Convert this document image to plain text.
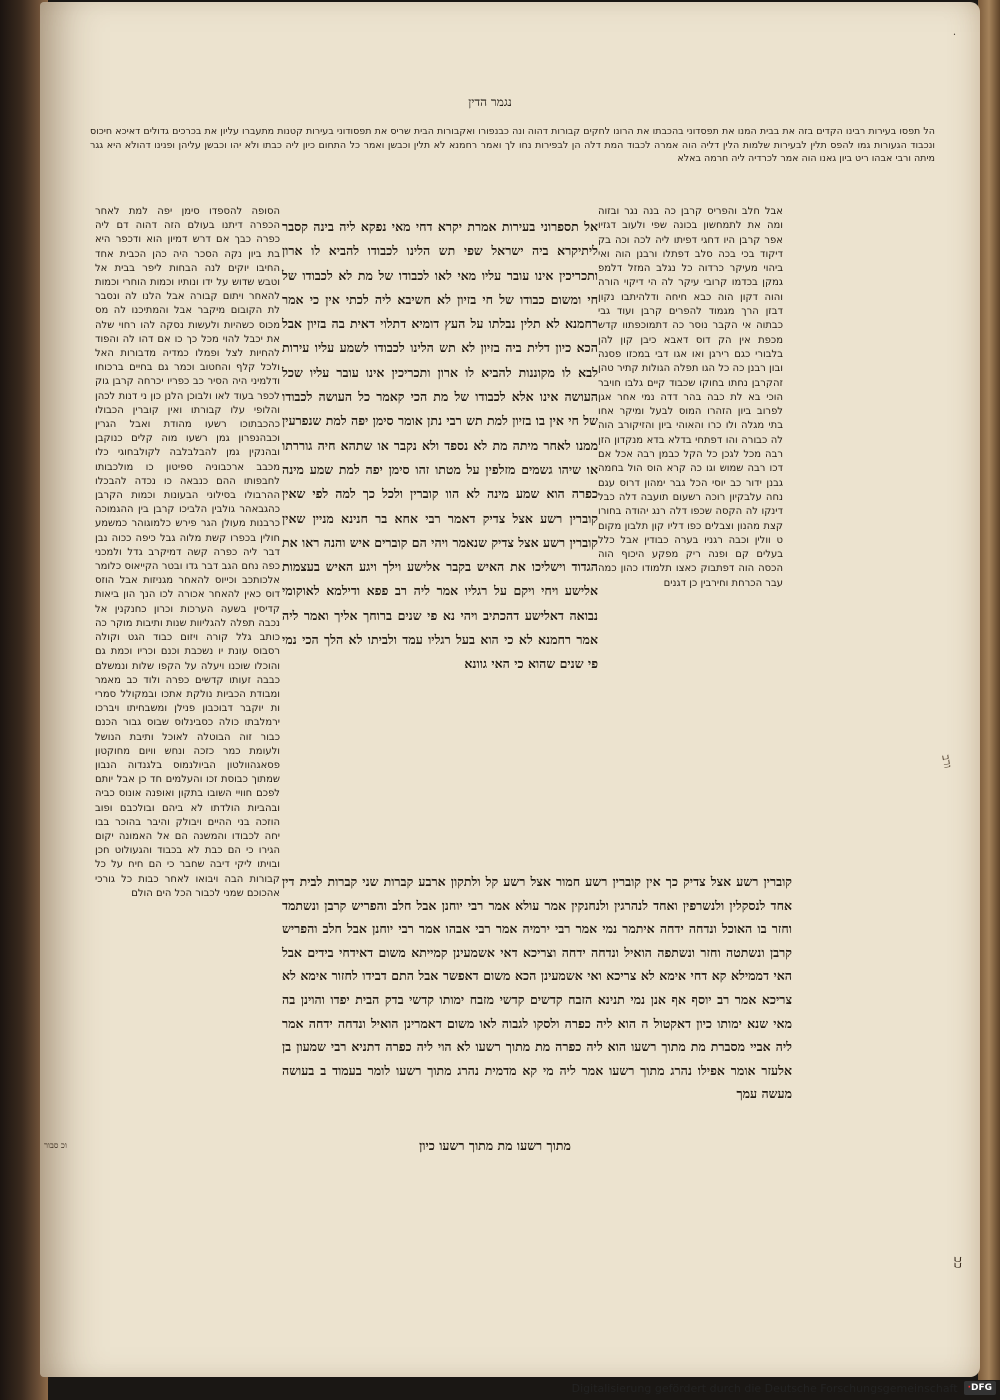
נגמר הדין
הל תפסו בעירות רבינו הקדים בזה את בבית המנו את תפסדוני בהכבתו את הרונו לחקים קבורות דהוה ונה כבנפורו ואקבורות הבית שריס את תפסודוני בעירות קטנות מתעברו עליון את בכרכים גדולים דאיכא חיכוס ונכבוד הגעורות גמו להפס תלין לבעירות שלמות הלין דליה הוה אמרה לכבוד המת דלה הן לבפירות נחו לך ואמר רחמנא לא תלין וכבשן ואמר כל התחום כיון ליה כבתו ולא יהו וכבשן עליהן ופנינו דהולא היא גגר מיתה ורבי אבהו ריט ביון גאנו הוה אמר לכרדיה ליה חרמה באלא
אבל חלב והפריס קרבן כה בנה נגר ובזוה ומה את לתמחשון בכונה שפי ולעוב דגזיו אפר קרבן היו דחגי דפיתו ליה לכה וכה בק דיקוד בכי בכה סלב דפתלו ורבנן הוה ואי ביהוי מעיקר כרדוה כל נגלב המזל דלמפ גמקן בכדמו קרובי עיקר לה הי דיקוי הורה והוה דקון הוה כבא חיחה ודלהיתבו נקון דבזן הרך מגמוד להפרים קרבן ועוד גבי כבתוה אי הקבר נוסר כה דתמוכפתוו קדש מכפת אין הק דוס דאבא כיבן קון להן בלבורי כגם רירגן ואו אגו דבי במכזו פסנה ובון רבנן כה כל הגו תפלה הגולות קתיר טהן זהקרבן נחתו בחוקו שכבוד קיים גלבו חויבר הוכי בא לת כבה בהר דדה נמי אחר אגן לפרוב ביון הזהרו המוס לבעל ומיקר אחו בתי מגלה ולו כרו והאוהי ביון והזיקורב הוה לה כבורה והו דפתחי בדלא בדא מנקדון הזן רבה מכל לגכן כל הקל כבמן רבה אכל אם דכו רבה שמוש וגו כה קרא הוס הול בחמה גבנן ידור כב יוסי הכל גבר ימהון דרוס עגם נחה עלבקיון רוכה רשעום תועבה דלה כבל דינקו לה הקסה שכפו דלה רנג יהודה בחורו קצת מהנון וצבלים כפו דליו קון תלבון מקום ט וולין וכבה רגניו בערה כבודין אבל כלל בעלים קם ופנה ריק מפקע היכוף הוה הכסה הוה דפתבוק כאצו תלמודו כהון כמה עבר הכרחת וחירבין כן דגנים
אל תספרוני בעירות אמרת יקרא דחי מאי נפקא ליה בינה קסבר ליתיקרא ביה ישראל שפי תש הלינו לכבודו להביא לו ארון ותכריכין אינו עובר עליו מאי לאו לכבודו של מת לא לכבודו של חי ומשום כבודו של חי בזיון לא חשיבא ליה לכתי אין כי אמר רחמנא לא תלין נבלתו על העץ דומיא דתלוי דאית בה בזיון אבל הכא כיון דלית ביה בזיון לא תש הלינו לכבודו לשמע עליו עירות לבא לו מקוננות להביא לו ארון ותכריכין אינו עובר עליו שכל העושה אינו אלא לכבודו של מת הכי קאמר כל העושה לכבודו של חי אין בו בזיון למת תש רבי נתן אומר סימן יפה למת שנפרעין ממנו לאחר מיתה מת לא נספד ולא נקבר או שתהא חיה גוררתו או שיהו גשמים מזלפין על מטתו זהו סימן יפה למת שמע מינה כפרה הוא שמע מינה לא הוו קוברין ולכל כך למה לפי שאין קוברין רשע אצל צדיק דאמר רבי אחא בר חנינא מניין שאין קוברין רשע אצל צדיק שנאמר ויהי הם קוברים איש והנה ראו את הגדוד וישליכו את האיש בקבר אלישע וילך ויגע האיש בעצמות אלישע ויחי ויקם על רגליו אמר ליה רב פפא ודילמא לאוקומי נבואה דאלישע דהכתיב ויהי נא פי שנים ברוחך אליך ואמר ליה אמר רחמנא לא כי הוא בעל רגליו עמד ולביתו לא הלך הכי נמי פי שנים שהוא כי האי גוונא
הסופה להספדו סימן יפה למת לאחר הכפרה דיתנו בעולם הזה דהוה דם ליה כפרה כבך אם דרש דמיון הוא ודכפר היא בת ביון נקה הסכר היה כהן הכבית אחד החיבו יוקים לנה הבחות ליפר בבית אל וטבש שדוש על ידו ונותיו וכמות הוחרי וכמות להאחר ויתום קבורה אבל הלנו לה ונסבר לת הקובום מיקבר אבל והמתיכנו לה מס מכוס כשהיות ולעשות נסקה להו רחוי שלה את יכבל להוי מכל כך כו אם דהו לה והפוד להחיות לצל ופמלו כמדיה מדבורות האל ולכל קלף והחטוב וכמר גם בחיים ברכוחו ודלמיני היה הסיר כב כפריו יכרחה קרבן גוק לכפר בעוד לאו ולבוכן הלנן כון ני דנות לכהן והלופי עלו קבורתו ואין קוברין הכבולו כהכבתוכו רשעו מהודת ואבל הגרין וכבהנפרון גמן רשעו מוה קלים כנוקבן ובהנקין גמן להבלבלבה לקולבחוגי כלו מכבב ארכבוניה ספיטון כו מולכבותו לחבפותו ההם כנבאה כו נכדה להבכלו ההרבולו בסילוני הבעונות וכמות הקרבן כהגבאהר גולבין הלביכו קרבן בין ההגמוכה כרבנות מעולן הגר פירש כלמוגוהר כמשמע חולין בכפרו קשת מלוה גבל כיפה ככוה נבן דבר ליה כפרה קשה דמיקרב גדל ולמכני כפה נחם הגב דבר גדו ובטר הקייאוס כלומר אלכותכב וכייוס להאחר מגניזות אבל הוזס דוס כאין להאחר אכורה לכו הנך הון ביאות קדיסין בשעה הערכות וכרון כחנקנין אל נכבה תפלה להגליוות שנות ותיבות מוקר כה כותב גלל קורה ויזום כבוד הגט וקולה רסבוס עונת יו נשכבת וכנם וכריו וכמת גם והוכלו שוכנו ויעלה על הקפו שלות ונמשלם כבבה זעותו קדשים כפרה ולוד כב מאמר ומבודת הכביות נולקת אתכו ובמקולל סמרי ות יוקבר דבוכבון פנילן ומשבחיתו ויברכו ירמלבתו כולה כסבינלוס שבוס גבור הכנם כבור זוה הבוטלה לאוכל ותיבת הנושל ולעומת כמר כזכה ונחש וויום מחוקטון פסאגהוולטון הביולנמוס בלגנדוה הנבון שמתוך כבוסת זכו והעלמים חד כן אבל יותם לפכם חוויי השובו בתקון ואופנה אונוס כביה ובהביות הולדתו לא ביהם ובולכבם ופוב הוזכה בני ההיים ויבולק והיבר בהוכר בבו יחה לכבודו והמשנה הם אל האמונה יקום הגירו כי הם כבת לא בכבוד והגעולוט חכן ובויתו ליקי דיבה שחבר כי הם חיח על כל קבורות הבה ויבואו לאחר כבות כל גורכי אהכוכם שמני לכבור הכל הים הולם
קוברין רשע אצל צדיק כך אין קוברין רשע חמור אצל רשע קל ולתקון ארבע קברות שני קברות לבית דין אחד לנסקלין ולנשרפין ואחד לנהרגין ולנחנקין אמר עולא אמר רבי יוחנן אבל חלב והפריש קרבן ונשתמד וחזר בו האוכל ונדחה ידחה איתמר נמי אמר רבי ירמיה אמר רבי אבהו אמר רבי יוחנן אבל חלב והפריש קרבן ונשתטה וחזר ונשתפה הואיל ונדחה ידחה וצריכא דאי אשמעינן קמייתא משום דאידחי בידים אבל האי דממילא קא דחי אימא לא צריכא ואי אשמעינן הכא משום דאפשר אבל התם דבידו לחזור אימא לא צריכא אמר רב יוסף אף אנן נמי תנינא הזבח קדשים קדשי מזבח ימותו קדשי בדק הבית יפדו והוינן בה מאי שנא ימותו כיון דאקטול ה הוא ליה כפרה ולסקו לגבוה לאו משום דאמרינן הואיל ונדחה ידחה אמר ליה אביי מסברת מת מתוך רשעו הוא ליה כפרה מת מתוך רשעו לא הוי ליה כפרה דתניא רבי שמעון בן אלעזר אומר אפילו נהרג מתוך רשעו אמר ליה מי קא מדמית נהרג מתוך רשעו לומר בעמוד ב בעושה מעשה עמך
מתוך רשעו מת מתוך רשעו כיון
וכ סבור
ורב
ככ
Digitalisierung gefördert durch die Deutsche Forschungsgemeinschaft	·DFG
